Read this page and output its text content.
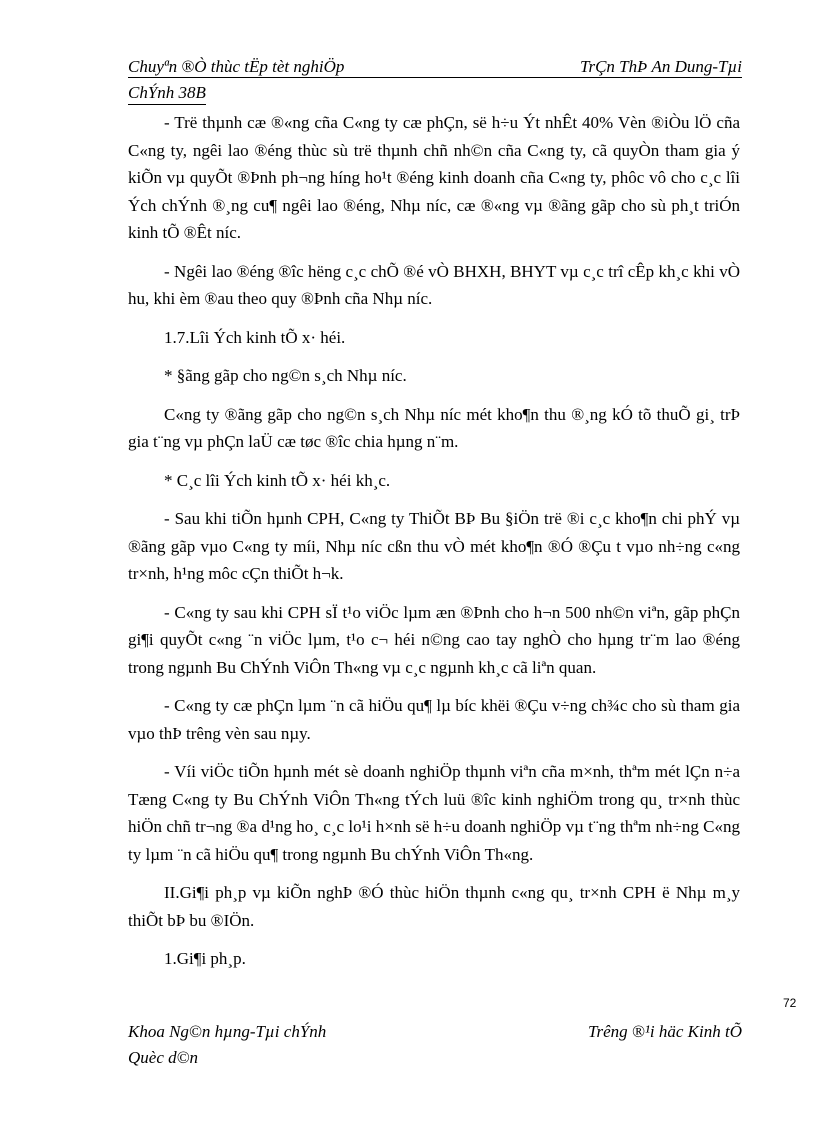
Chuyªn ®Ò thùc tËp tèt nghiÖp	TrÇn ThÞ An Dung-Tµi
ChÝnh 38B

- Trë thµnh cæ ®«ng cña C«ng ty cæ phÇn, së h÷u Ýt nhÊt 40% Vèn ®iÒu lÖ cña C«ng ty, ngêi lao ®éng thùc sù trë thµnh chñ nh©n cña C«ng ty, cã quyÒn tham gia ý kiÕn vµ quyÕt ®Þnh ph¬ng híng ho¹t ®éng kinh doanh cña C«ng ty, phôc vô cho c¸c lîi Ých chÝnh ®¸ng cu¶ ngêi lao ®éng, Nhµ níc, cæ ®«ng vµ ®ãng gãp cho sù ph¸t triÓn kinh tÕ ®Êt níc.

- Ngêi lao ®éng ®îc hëng c¸c chÕ ®é vÒ BHXH, BHYT vµ c¸c trî cÊp kh¸c khi vÒ hu, khi èm ®au theo quy ®Þnh cña Nhµ níc.

1.7.Lîi Ých kinh tÕ x· héi.

* §ãng gãp cho ng©n s¸ch Nhµ níc.

C«ng ty ®ãng gãp cho ng©n s¸ch Nhµ níc mét kho¶n thu ®¸ng kÓ tõ thuÕ gi¸ trÞ gia t¨ng vµ phÇn laÜ cæ tøc ®îc chia hµng n¨m.

* C¸c lîi Ých kinh tÕ x· héi kh¸c.

- Sau khi tiÕn hµnh CPH, C«ng ty ThiÕt BÞ Bu §iÖn trë ®i c¸c kho¶n chi phÝ vµ ®ãng gãp vµo C«ng ty míi, Nhµ níc cßn thu vÒ mét kho¶n ®Ó ®Çu t vµo nh÷ng c«ng tr×nh, h¹ng môc cÇn thiÕt h¬k.

- C«ng ty sau khi CPH sÏ t¹o viÖc lµm æn ®Þnh cho h¬n 500 nh©n viªn, gãp phÇn gi¶i quyÕt c«ng ¨n viÖc lµm, t¹o c¬ héi n©ng cao tay nghÒ cho hµng tr¨m lao ®éng trong ngµnh Bu ChÝnh ViÔn Th«ng vµ c¸c ngµnh kh¸c cã liªn quan.

- C«ng ty cæ phÇn lµm ¨n cã hiÖu qu¶ lµ bíc khëi ®Çu v÷ng ch¾c cho sù tham gia vµo thÞ trêng vèn sau nµy.

- Víi viÖc tiÕn hµnh mét sè doanh nghiÖp thµnh viªn cña m×nh, thªm mét lÇn n÷a Tæng C«ng ty Bu ChÝnh ViÔn Th«ng tÝch luü ®îc kinh nghiÖm trong qu¸ tr×nh thùc hiÖn chñ tr¬ng ®a d¹ng ho¸ c¸c lo¹i h×nh së h÷u doanh nghiÖp vµ t¨ng thªm nh÷ng C«ng ty lµm ¨n cã hiÖu qu¶ trong ngµnh Bu chÝnh ViÔn Th«ng.

II.Gi¶i ph¸p vµ kiÕn nghÞ ®Ó thùc hiÖn thµnh c«ng qu¸ tr×nh CPH ë Nhµ m¸y thiÕt bÞ bu ®IÖn.

1.Gi¶i ph¸p.

72
Khoa Ng©n hµng-Tµi chÝnh	Trêng ®¹i häc Kinh tÕ
Quèc d©n
